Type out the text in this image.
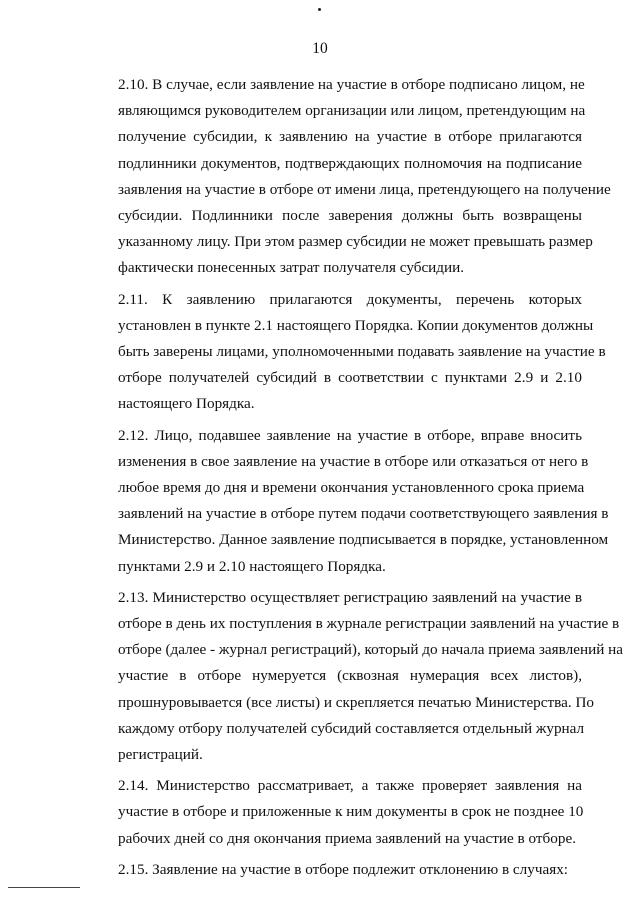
10

2.10. В случае, если заявление на участие в отборе подписано лицом, не
являющимся руководителем организации или лицом, претендующим на
получение субсидии, к заявлению на участие в отборе прилагаются
подлинники документов, подтверждающих полномочия на подписание
заявления на участие в отборе от имени лица, претендующего на получение
субсидии. Подлинники после заверения должны быть возвращены
указанному лицу. При этом размер субсидии не может превышать размер
фактически понесенных затрат получателя субсидии.

2.11. К заявлению прилагаются документы, перечень которых
установлен в пункте 2.1 настоящего Порядка. Копии документов должны
быть заверены лицами, уполномоченными подавать заявление на участие в
отборе получателей субсидий в соответствии с пунктами 2.9 и 2.10
настоящего Порядка.

2.12. Лицо, подавшее заявление на участие в отборе, вправе вносить
изменения в свое заявление на участие в отборе или отказаться от него в
любое время до дня и времени окончания установленного срока приема
заявлений на участие в отборе путем подачи соответствующего заявления в
Министерство. Данное заявление подписывается в порядке, установленном
пунктами 2.9 и 2.10 настоящего Порядка.

2.13. Министерство осуществляет регистрацию заявлений на участие в
отборе в день их поступления в журнале регистрации заявлений на участие в
отборе (далее - журнал регистраций), который до начала приема заявлений на
участие в отборе нумеруется (сквозная нумерация всех листов),
прошнуровывается (все листы) и скрепляется печатью Министерства. По
каждому отбору получателей субсидий составляется отдельный журнал
регистраций.

2.14. Министерство рассматривает, а также проверяет заявления на
участие в отборе и приложенные к ним документы в срок не позднее 10
рабочих дней со дня окончания приема заявлений на участие в отборе.

2.15. Заявление на участие в отборе подлежит отклонению в случаях:
